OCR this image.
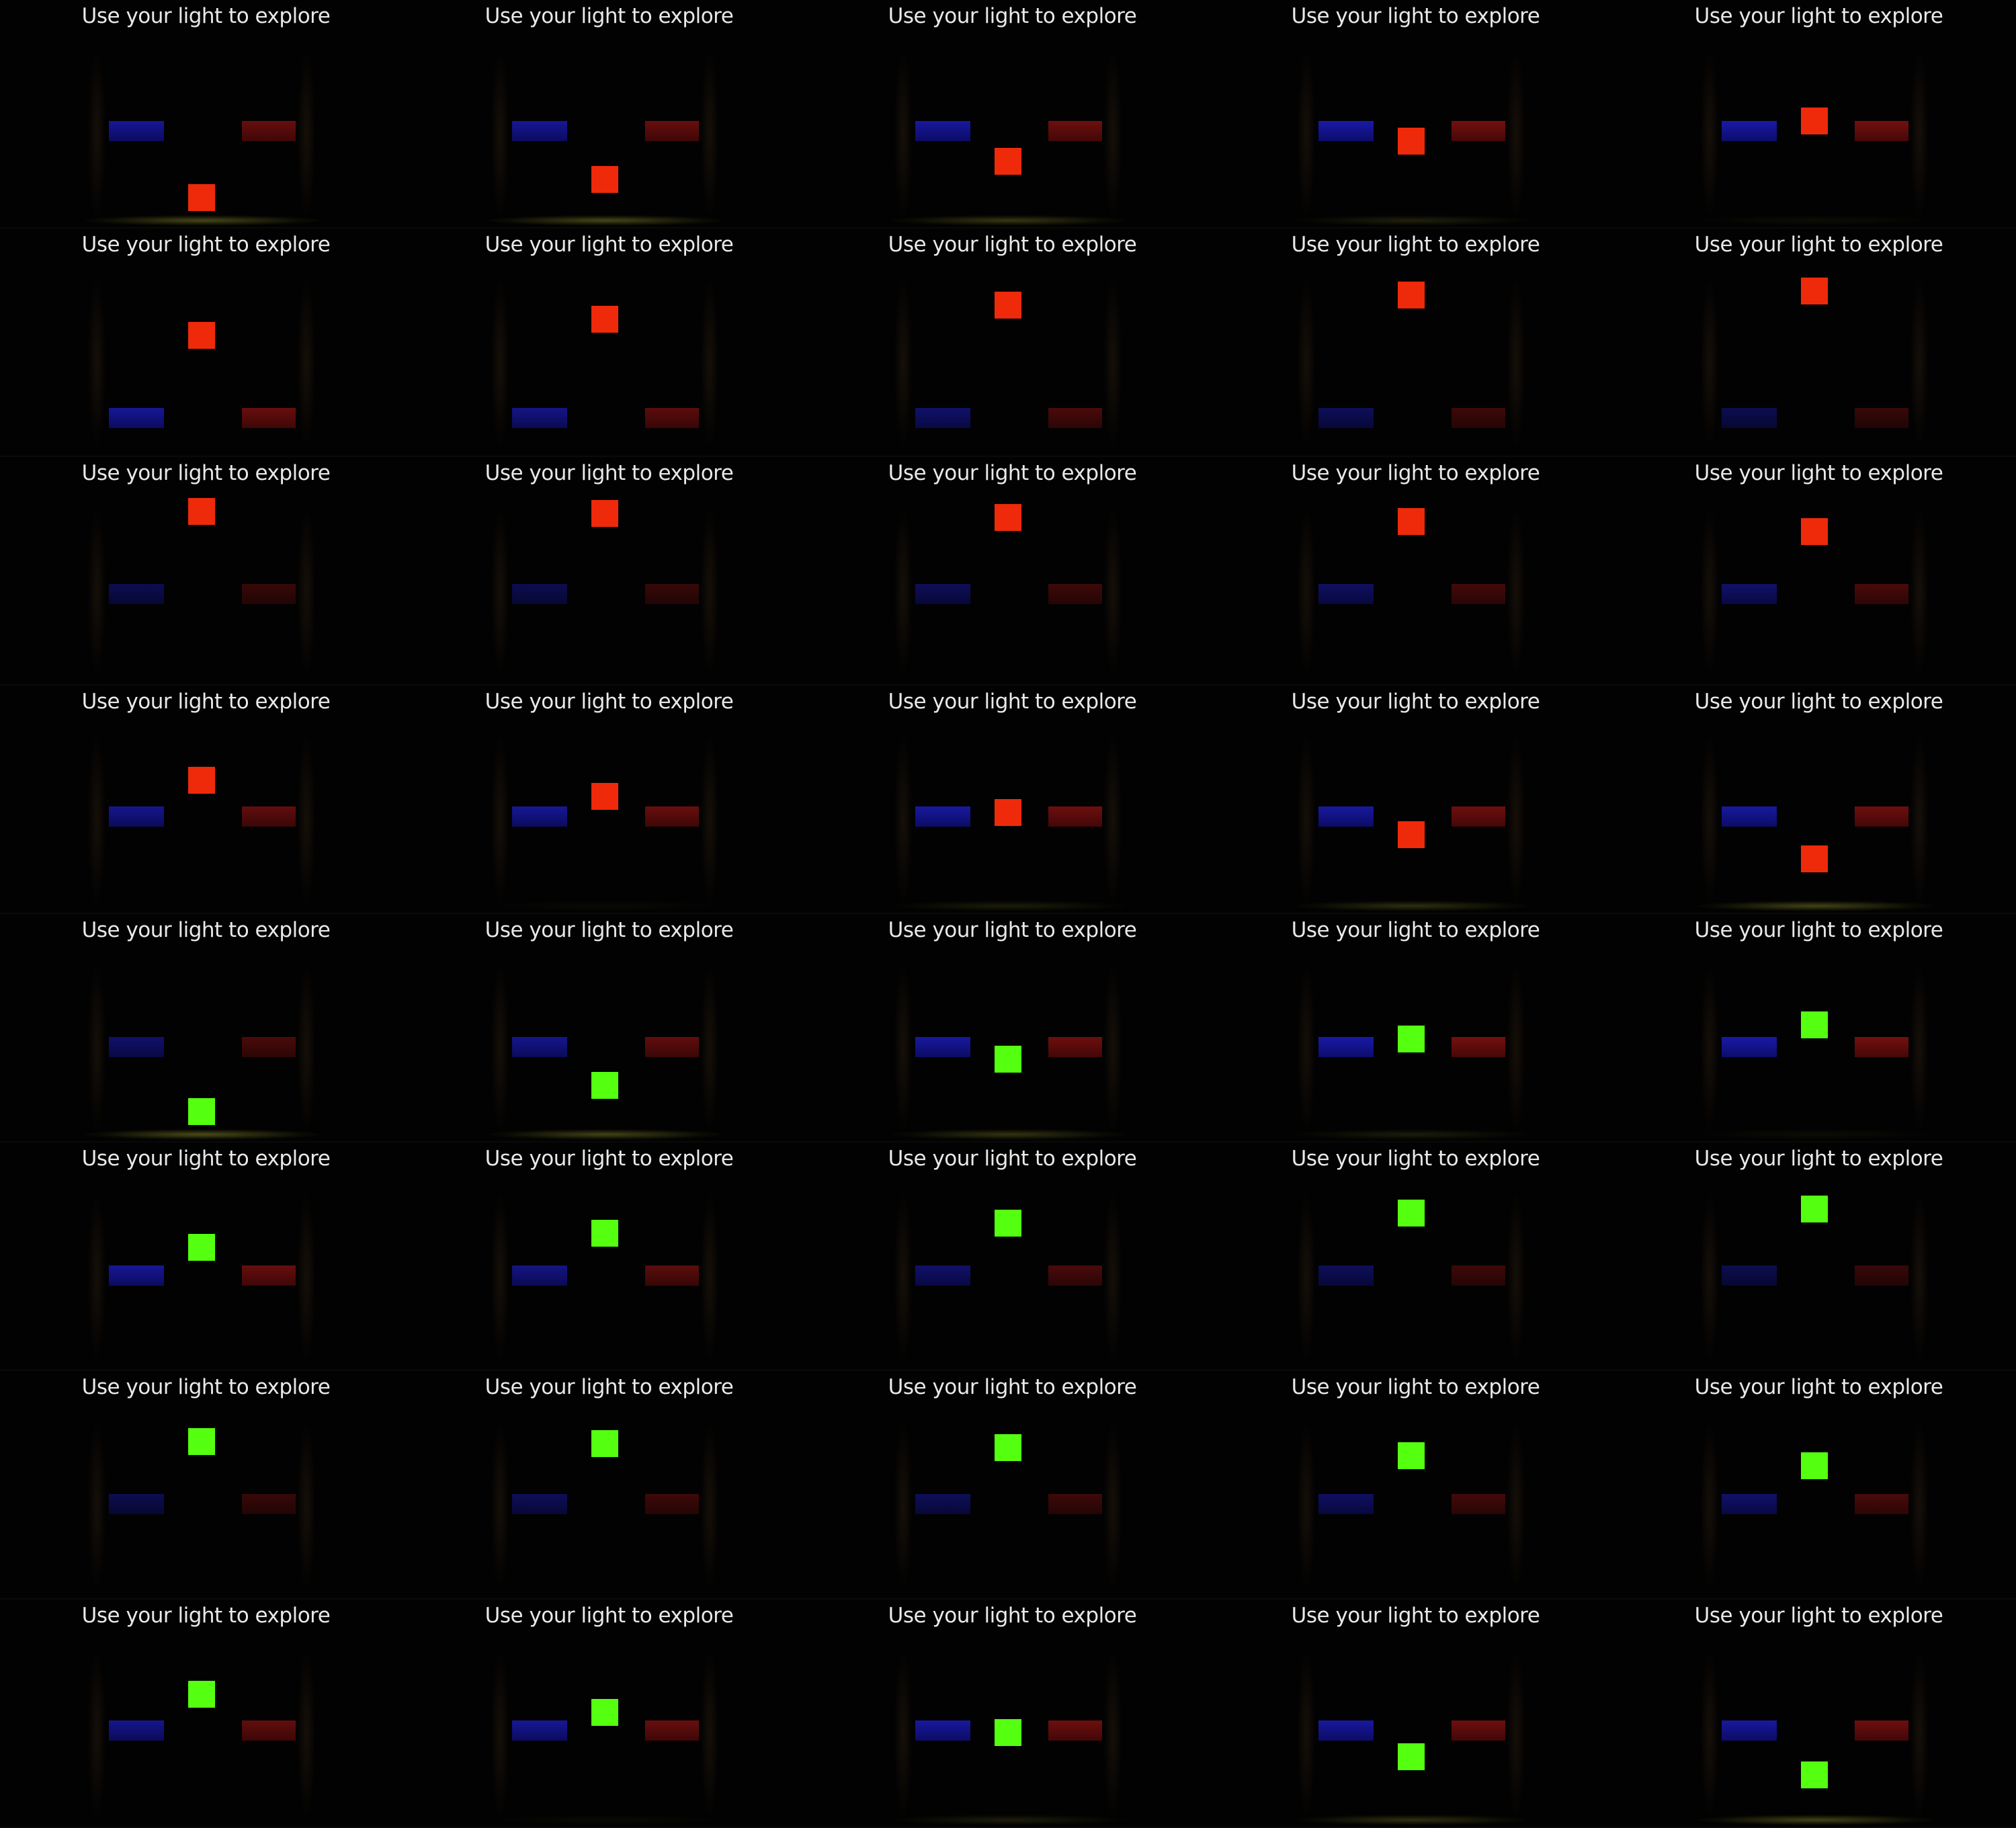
Use your light to explore	Use your light to explore	Use your light to explore	Use your light to explore	Use your light to explore
Use your light to explore	Use your light to explore	Use your light to explore	Use your light to explore	Use your light to explore
Use your light to explore	Use your light to explore	Use your light to explore	Use your light to explore	Use your light to explore
Use your light to explore	Use your light to explore	Use your light to explore	Use your light to explore	Use your light to explore
Use your light to explore	Use your light to explore	Use your light to explore	Use your light to explore	Use your light to explore
Use your light to explore	Use your light to explore	Use your light to explore	Use your light to explore	Use your light to explore
Use your light to explore	Use your light to explore	Use your light to explore	Use your light to explore	Use your light to explore
Use your light to explore	Use your light to explore	Use your light to explore	Use your light to explore	Use your light to explore
